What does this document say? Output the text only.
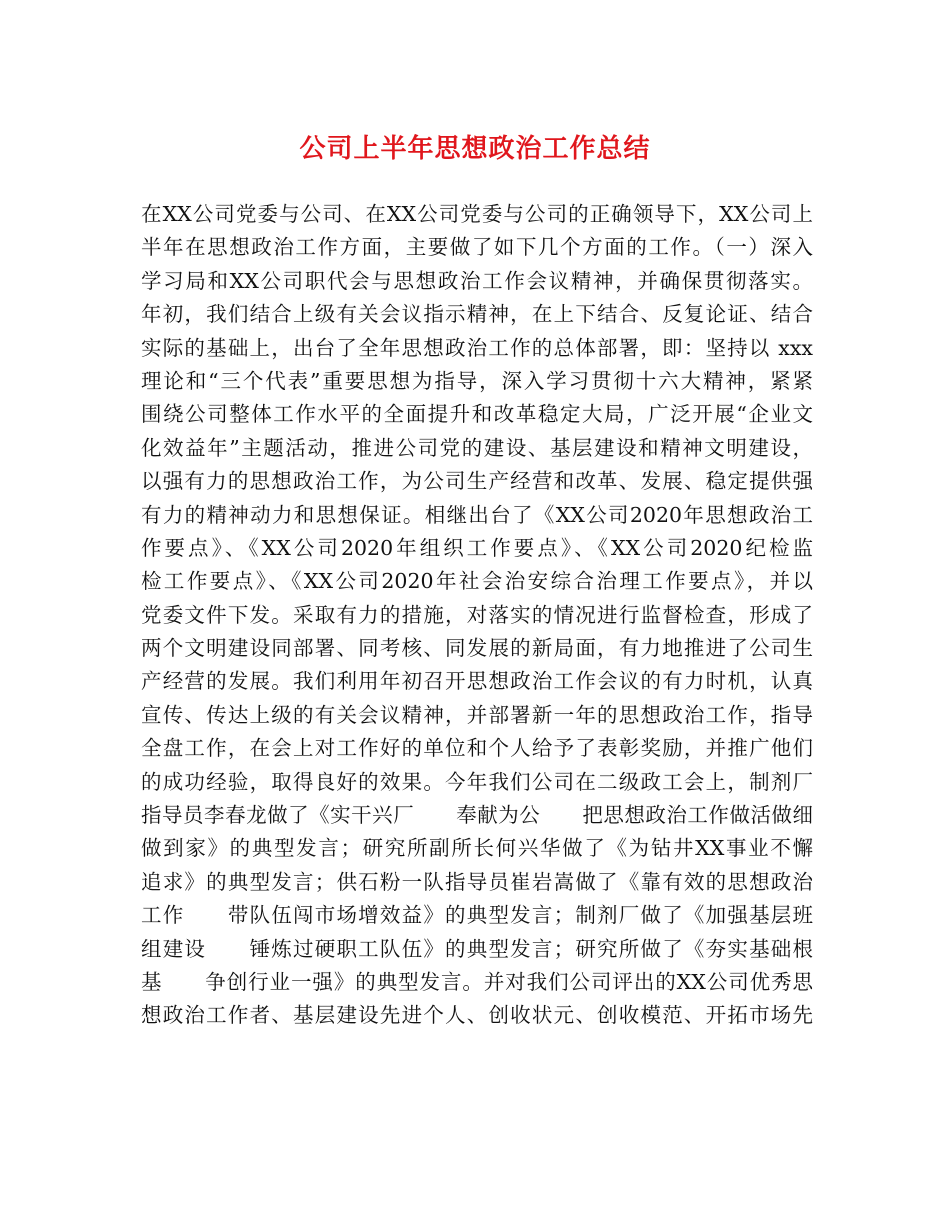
公司上半年思想政治工作总结
在XX公司党委与公司、在XX公司党委与公司的正确领导下，XX公司上
半年在思想政治工作方面，主要做了如下几个方面的工作。（一）深入
学习局和XX公司职代会与思想政治工作会议精神，并确保贯彻落实。
年初，我们结合上级有关会议指示精神，在上下结合、反复论证、结合
实际的基础上，出台了全年思想政治工作的总体部署，即：坚持以 xxx
理论和“三个代表”重要思想为指导，深入学习贯彻十六大精神，紧紧
围绕公司整体工作水平的全面提升和改革稳定大局，广泛开展“企业文
化效益年”主题活动，推进公司党的建设、基层建设和精神文明建设，
以强有力的思想政治工作，为公司生产经营和改革、发展、稳定提供强
有力的精神动力和思想保证。相继出台了《XX公司2020年思想政治工
作要点》、《XX公司2020年组织工作要点》、《XX公司2020纪检监
检工作要点》、《XX公司2020年社会治安综合治理工作要点》，并以
党委文件下发。采取有力的措施，对落实的情况进行监督检查，形成了
两个文明建设同部署、同考核、同发展的新局面，有力地推进了公司生
产经营的发展。我们利用年初召开思想政治工作会议的有力时机，认真
宣传、传达上级的有关会议精神，并部署新一年的思想政治工作，指导
全盘工作，在会上对工作好的单位和个人给予了表彰奖励，并推广他们
的成功经验，取得良好的效果。今年我们公司在二级政工会上，制剂厂
指导员李春龙做了《实干兴厂　　奉献为公　　把思想政治工作做活做细
做到家》的典型发言；研究所副所长何兴华做了《为钻井XX事业不懈
追求》的典型发言；供石粉一队指导员崔岩嵩做了《靠有效的思想政治
工作　　带队伍闯市场增效益》的典型发言；制剂厂做了《加强基层班
组建设　　锤炼过硬职工队伍》的典型发言；研究所做了《夯实基础根
基　　争创行业一强》的典型发言。并对我们公司评出的XX公司优秀思
想政治工作者、基层建设先进个人、创收状元、创收模范、开拓市场先
